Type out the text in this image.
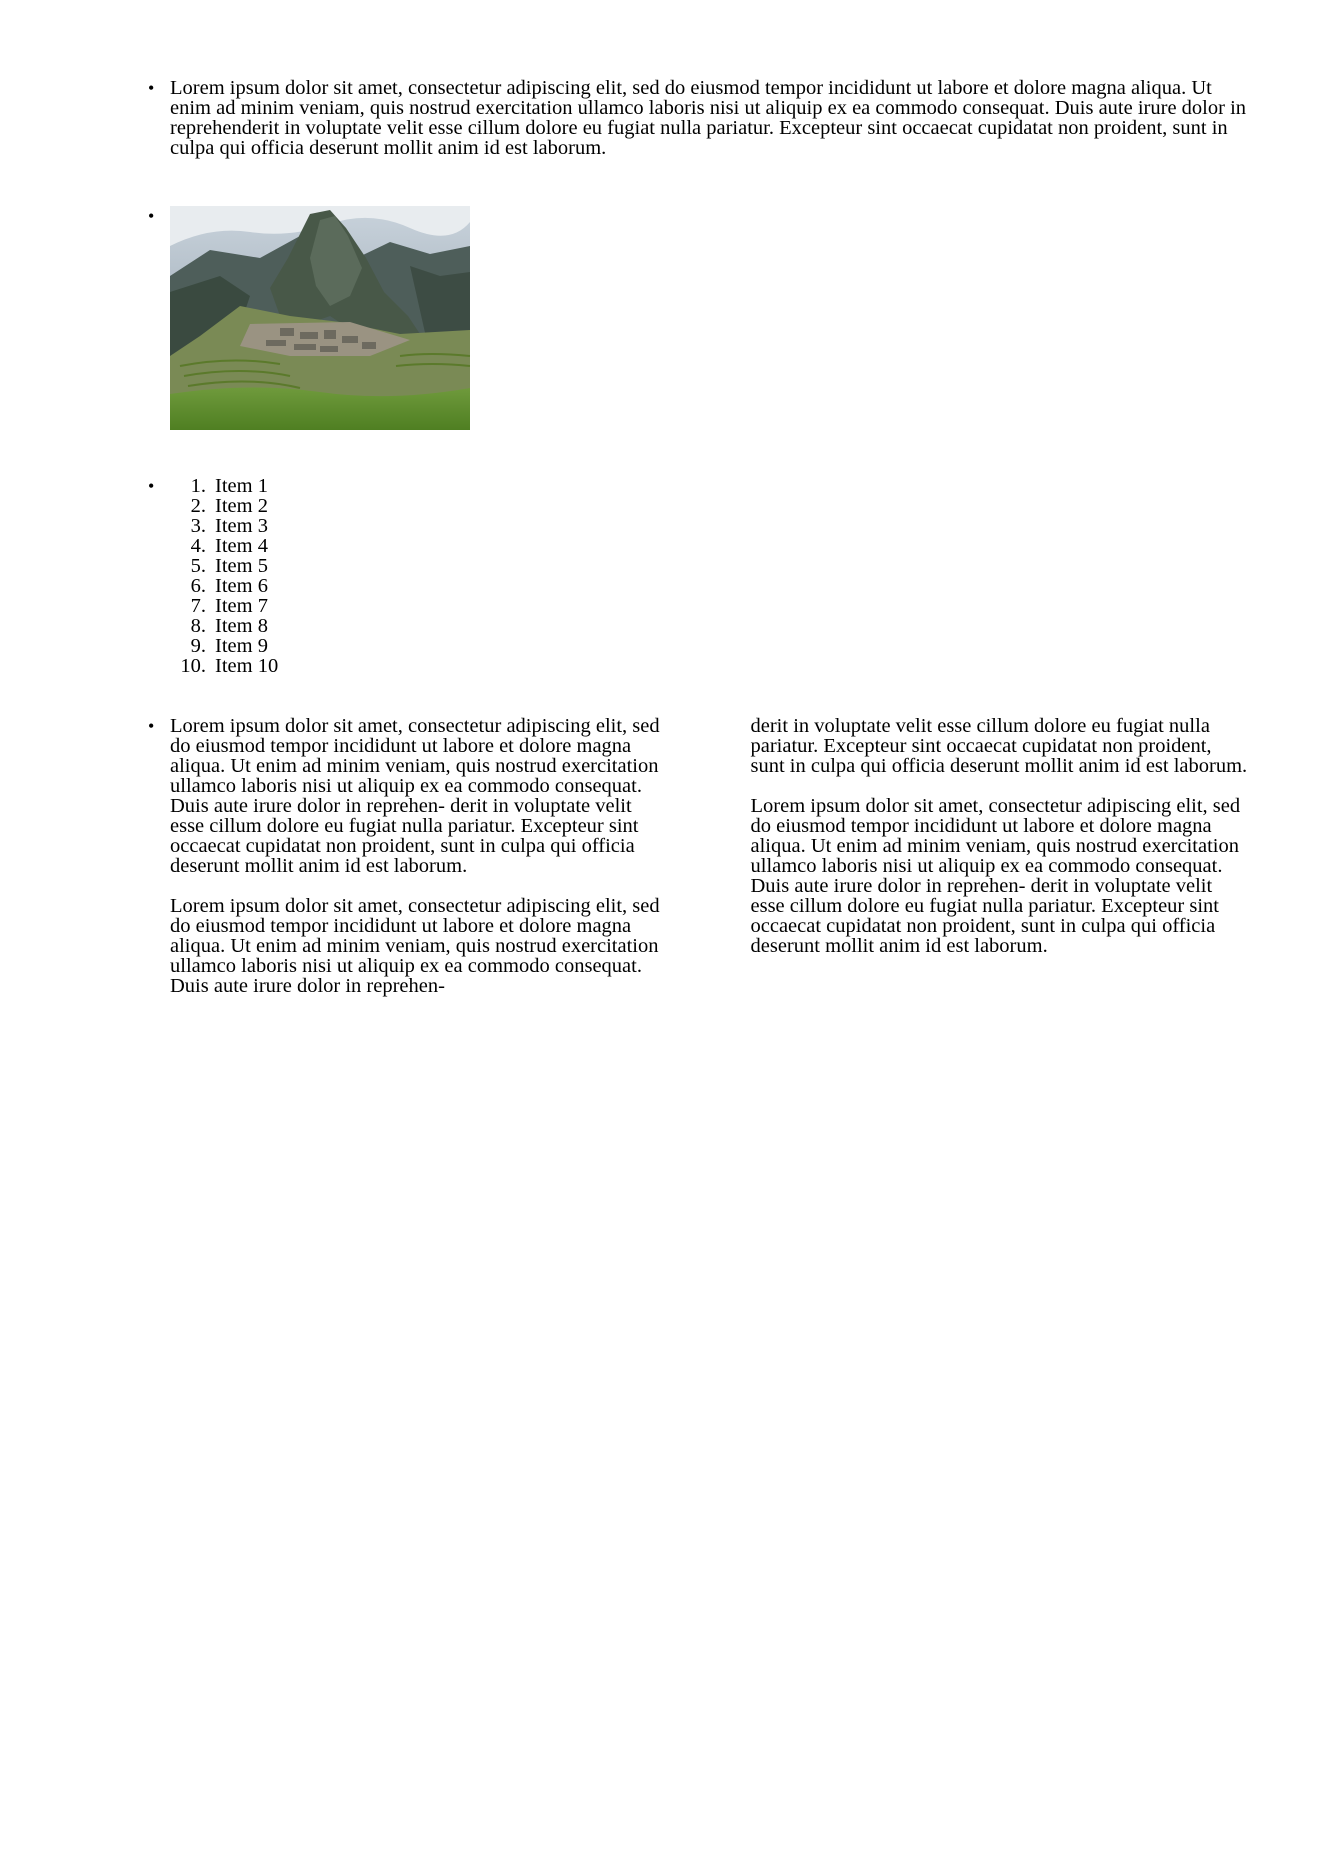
• Lorem ipsum dolor sit amet, consectetur adipiscing elit, sed do eiusmod tempor incididunt ut labore et dolore magna aliqua. Ut enim ad minim veniam, quis nostrud exercitation ullamco laboris nisi ut aliquip ex ea commodo consequat. Duis aute irure dolor in reprehenderit in voluptate velit esse cillum dolore eu fugiat nulla pariatur. Excepteur sint occaecat cupidatat non proident, sunt in culpa qui officia deserunt mollit anim id est laborum.

•
•	1. Item 1
2. Item 2
3. Item 3
4. Item 4
5. Item 5
6. Item 6
7. Item 7
8. Item 8
9. Item 9
10. Item 10
• Lorem ipsum dolor sit amet, consectetur adipiscing elit, sed do eiusmod tempor incididunt ut labore et dolore magna aliqua. Ut enim ad minim veniam, quis nostrud exercitation ullamco laboris nisi ut aliquip ex ea commodo consequat. Duis aute irure dolor in reprehen- derit in voluptate velit esse cillum dolore eu fugiat nulla pariatur. Excepteur sint occaecat cupidatat non proident, sunt in culpa qui officia deserunt mollit anim id est laborum.

Lorem ipsum dolor sit amet, consectetur adipiscing elit, sed do eiusmod tempor incididunt ut labore et dolore magna aliqua. Ut enim ad minim veniam, quis nostrud exercitation ullamco laboris nisi ut aliquip ex ea commodo consequat. Duis aute irure dolor in reprehen-

derit in voluptate velit esse cillum dolore eu fugiat nulla pariatur. Excepteur sint occaecat cupidatat non proident, sunt in culpa qui officia deserunt mollit anim id est laborum.

Lorem ipsum dolor sit amet, consectetur adipiscing elit, sed do eiusmod tempor incididunt ut labore et dolore magna aliqua. Ut enim ad minim veniam, quis nostrud exercitation ullamco laboris nisi ut aliquip ex ea commodo consequat. Duis aute irure dolor in reprehen- derit in voluptate velit esse cillum dolore eu fugiat nulla pariatur. Excepteur sint occaecat cupidatat non proident, sunt in culpa qui officia deserunt mollit anim id est laborum.
